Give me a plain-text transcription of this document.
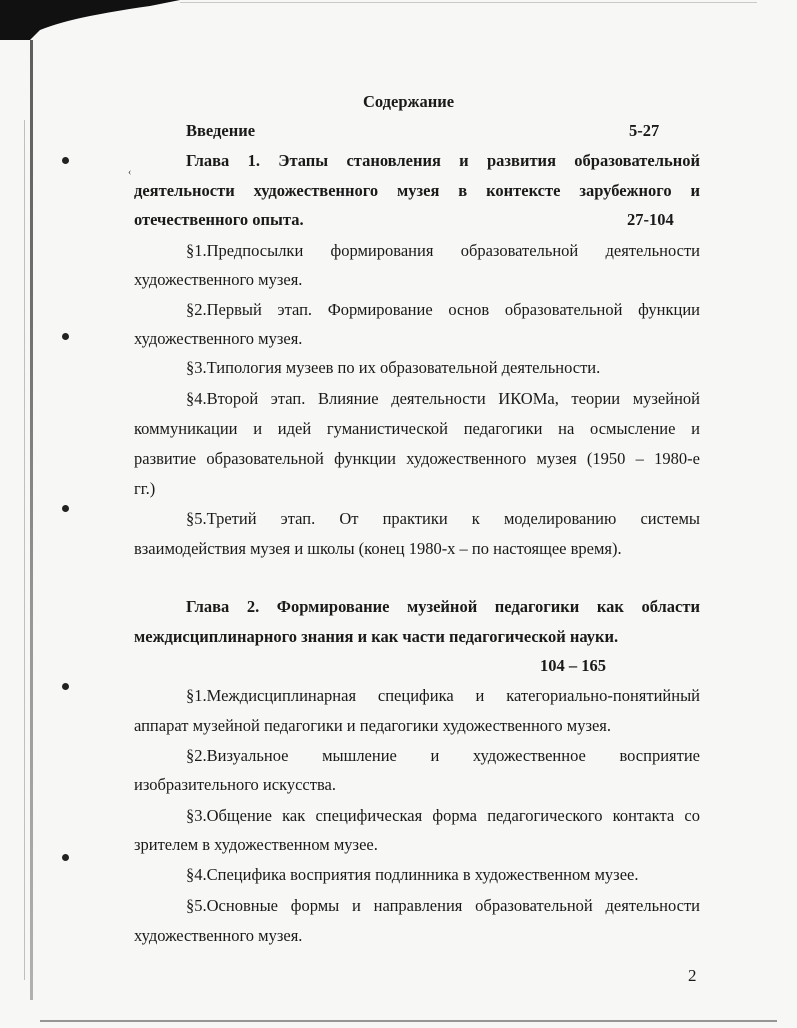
‹
Содержание
Введение	5-27
Глава 1. Этапы становления и развития образовательной
деятельности художественного музея в контексте зарубежного и
отечественного опыта.	27-104
§1.Предпосылки формирования образовательной деятельности
художественного музея.
§2.Первый этап. Формирование основ образовательной функции
художественного музея.
§3.Типология музеев по их образовательной деятельности.
§4.Второй этап. Влияние деятельности ИКОМа, теории музейной
коммуникации и идей гуманистической педагогики на осмысление и
развитие образовательной функции художественного музея (1950 – 1980-е
гг.)
§5.Третий этап. От практики к моделированию системы
взаимодействия музея и школы (конец 1980-х – по настоящее время).
Глава 2. Формирование музейной педагогики как области
междисциплинарного знания и как части педагогической науки.
104 – 165
§1.Междисциплинарная специфика и категориально-понятийный
аппарат музейной педагогики и педагогики художественного музея.
§2.Визуальное мышление и художественное восприятие
изобразительного искусства.
§3.Общение как специфическая форма педагогического контакта со
зрителем в художественном музее.
§4.Специфика восприятия подлинника в художественном музее.
§5.Основные формы и направления образовательной деятельности
художественного музея.
2
